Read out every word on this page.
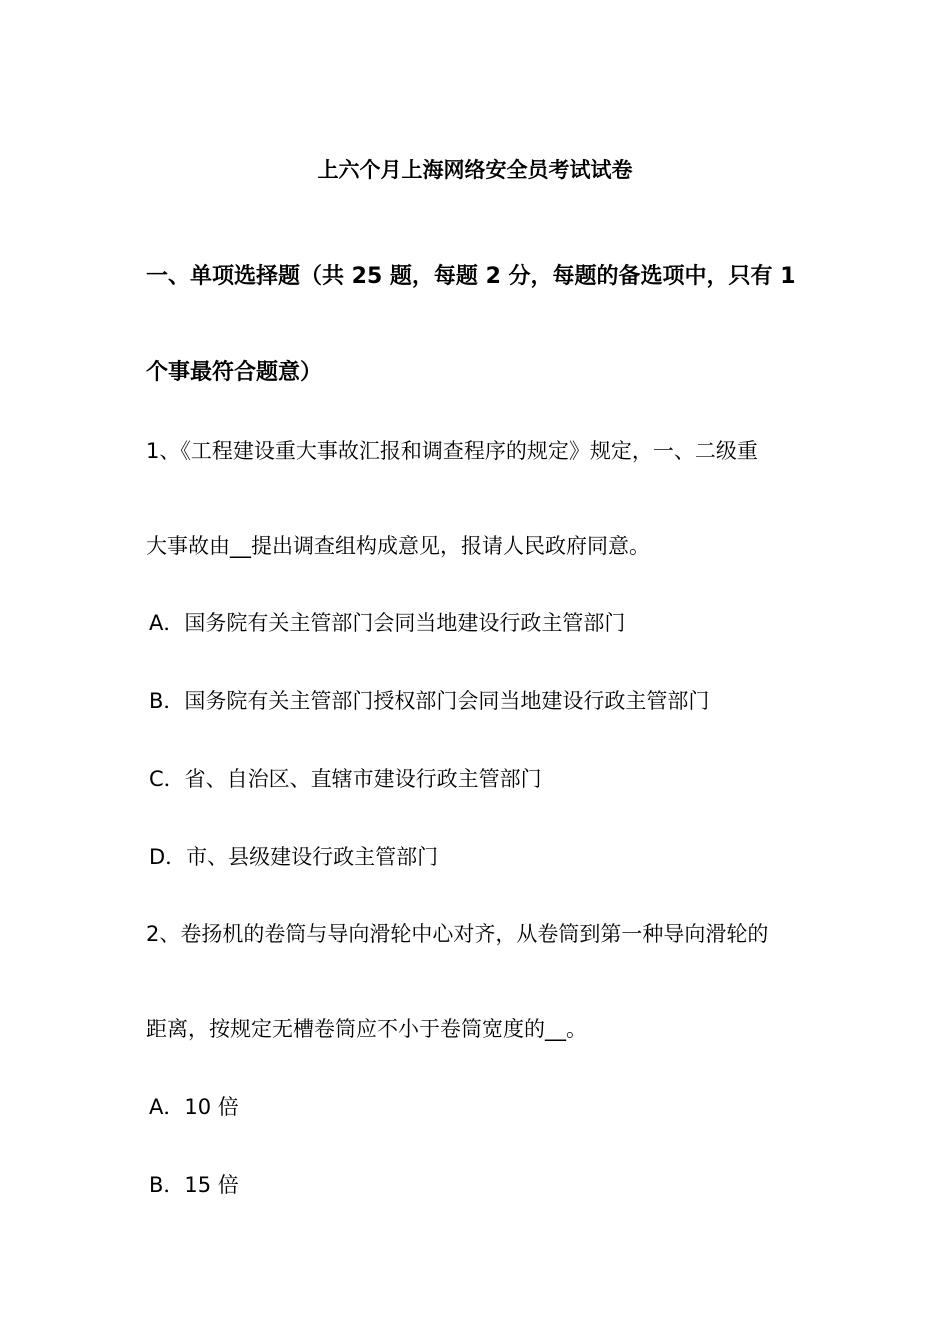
上六个月上海网络安全员考试试卷
一、单项选择题（共 25 题，每题 2 分，每题的备选项中，只有 1
个事最符合题意）
1、《工程建设重大事故汇报和调查程序的规定》规定，一、二级重
大事故由__提出调查组构成意见，报请人民政府同意。
A．国务院有关主管部门会同当地建设行政主管部门
B．国务院有关主管部门授权部门会同当地建设行政主管部门
C．省、自治区、直辖市建设行政主管部门
D．市、县级建设行政主管部门
2、卷扬机的卷筒与导向滑轮中心对齐，从卷筒到第一种导向滑轮的
距离，按规定无槽卷筒应不小于卷筒宽度的__。
A．10 倍
B．15 倍
